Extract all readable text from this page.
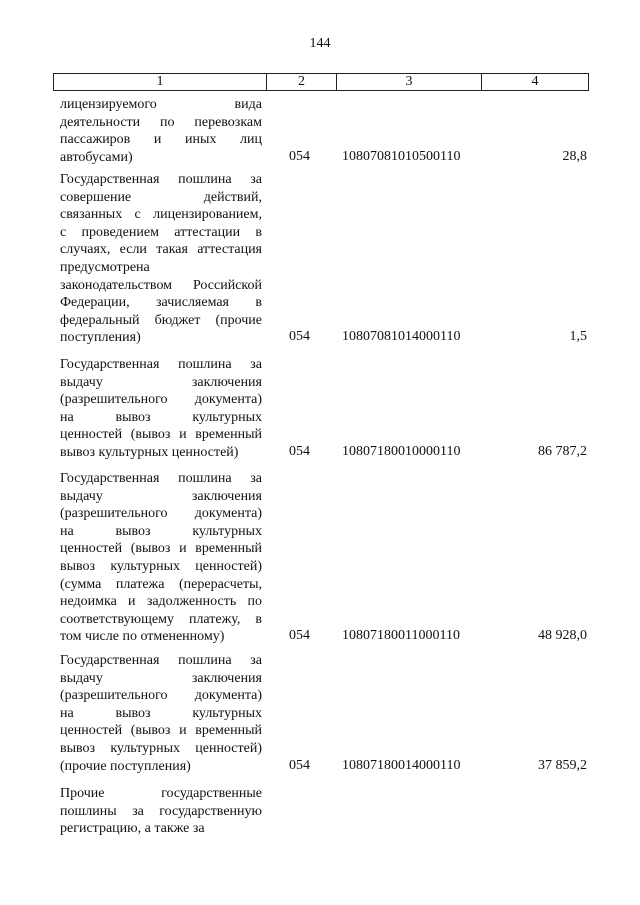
144
1	2	3	4
лицензируемого вида
деятельности по перевозкам
пассажиров и иных лиц
автобусами)	054 10807081010500110	28,8
Государственная пошлина за
совершение действий,
связанных с лицензированием,
с проведением аттестации в
случаях, если такая аттестация
предусмотрена
законодательством Российской
Федерации, зачисляемая в
федеральный бюджет (прочие
поступления)	054 10807081014000110	1,5
Государственная пошлина за
выдачу заключения
(разрешительного документа)
на вывоз культурных
ценностей (вывоз и временный
вывоз культурных ценностей)	054 10807180010000110	86 787,2
Государственная пошлина за
выдачу заключения
(разрешительного документа)
на вывоз культурных
ценностей (вывоз и временный
вывоз культурных ценностей)
(сумма платежа (перерасчеты,
недоимка и задолженность по
соответствующему платежу, в
том числе по отмененному)	054 10807180011000110	48 928,0
Государственная пошлина за
выдачу заключения
(разрешительного документа)
на вывоз культурных
ценностей (вывоз и временный
вывоз культурных ценностей)
(прочие поступления)	054 10807180014000110	37 859,2
Прочие государственные
пошлины за государственную
регистрацию, а также за
